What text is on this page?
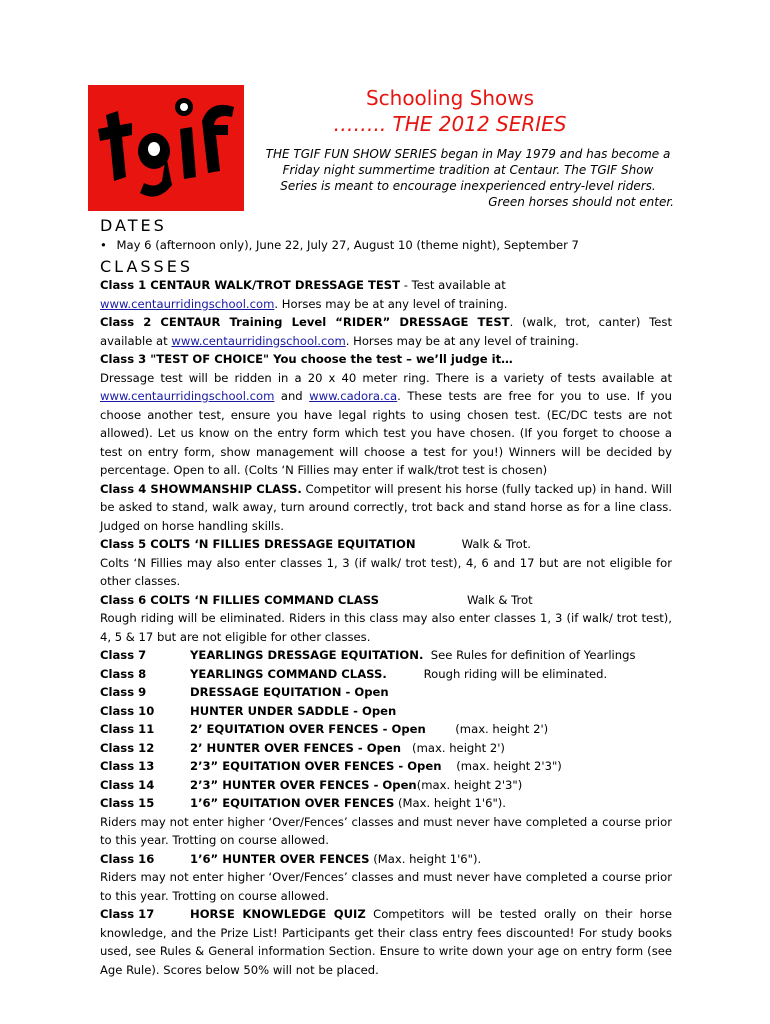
Schooling Shows
…….. THE 2012 SERIES
THE TGIF FUN SHOW SERIES began in May 1979 and has become a
Friday night summertime tradition at Centaur. The TGIF Show
Series is meant to encourage inexperienced entry-level riders.
Green horses should not enter.
DATES
• May 6 (afternoon only), June 22, July 27, August 10 (theme night), September 7
CLASSES

Class 1 CENTAUR WALK/TROT DRESSAGE TEST - Test available at
www.centaurridingschool.com. Horses may be at any level of training.

Class 2 CENTAUR Training Level “RIDER” DRESSAGE TEST. (walk, trot, canter) Test available at www.centaurridingschool.com. Horses may be at any level of training.

Class 3 "TEST OF CHOICE" You choose the test – we’ll judge it…
Dressage test will be ridden in a 20 x 40 meter ring. There is a variety of tests available at www.centaurridingschool.com and www.cadora.ca. These tests are free for you to use. If you choose another test, ensure you have legal rights to using chosen test. (EC/DC tests are not allowed). Let us know on the entry form which test you have chosen. (If you forget to choose a test on entry form, show management will choose a test for you!) Winners will be decided by percentage. Open to all. (Colts ‘N Fillies may enter if walk/trot test is chosen)

Class 4 SHOWMANSHIP CLASS. Competitor will present his horse (fully tacked up) in hand. Will be asked to stand, walk away, turn around correctly, trot back and stand horse as for a line class. Judged on horse handling skills.

Class 5 COLTS ‘N FILLIES DRESSAGE EQUITATION	Walk & Trot.
Colts ‘N Fillies may also enter classes 1, 3 (if walk/ trot test), 4, 6 and 17 but are not eligible for other classes.

Class 6 COLTS ‘N FILLIES COMMAND CLASS	Walk & Trot
Rough riding will be eliminated. Riders in this class may also enter classes 1, 3 (if walk/ trot test), 4, 5 & 17 but are not eligible for other classes.

Class 7	YEARLINGS DRESSAGE EQUITATION. See Rules for definition of Yearlings
Class 8	YEARLINGS COMMAND CLASS. Rough riding will be eliminated.
Class 9	DRESSAGE EQUITATION - Open
Class 10	HUNTER UNDER SADDLE - Open
Class 11	2’ EQUITATION OVER FENCES - Open (max. height 2')
Class 12	2’ HUNTER OVER FENCES - Open (max. height 2')
Class 13	2’3” EQUITATION OVER FENCES - Open (max. height 2'3")
Class 14	2’3” HUNTER OVER FENCES - Open (max. height 2'3")
Class 15	1’6” EQUITATION OVER FENCES (Max. height 1'6").

Riders may not enter higher ‘Over/Fences’ classes and must never have completed a course prior to this year. Trotting on course allowed.

Class 16	1’6” HUNTER OVER FENCES (Max. height 1'6").

Riders may not enter higher ‘Over/Fences’ classes and must never have completed a course prior to this year. Trotting on course allowed.

Class 17	HORSE KNOWLEDGE QUIZ Competitors will be tested orally on their horse knowledge, and the Prize List! Participants get their class entry fees discounted! For study books used, see Rules & General information Section. Ensure to write down your age on entry form (see Age Rule). Scores below 50% will not be placed.
